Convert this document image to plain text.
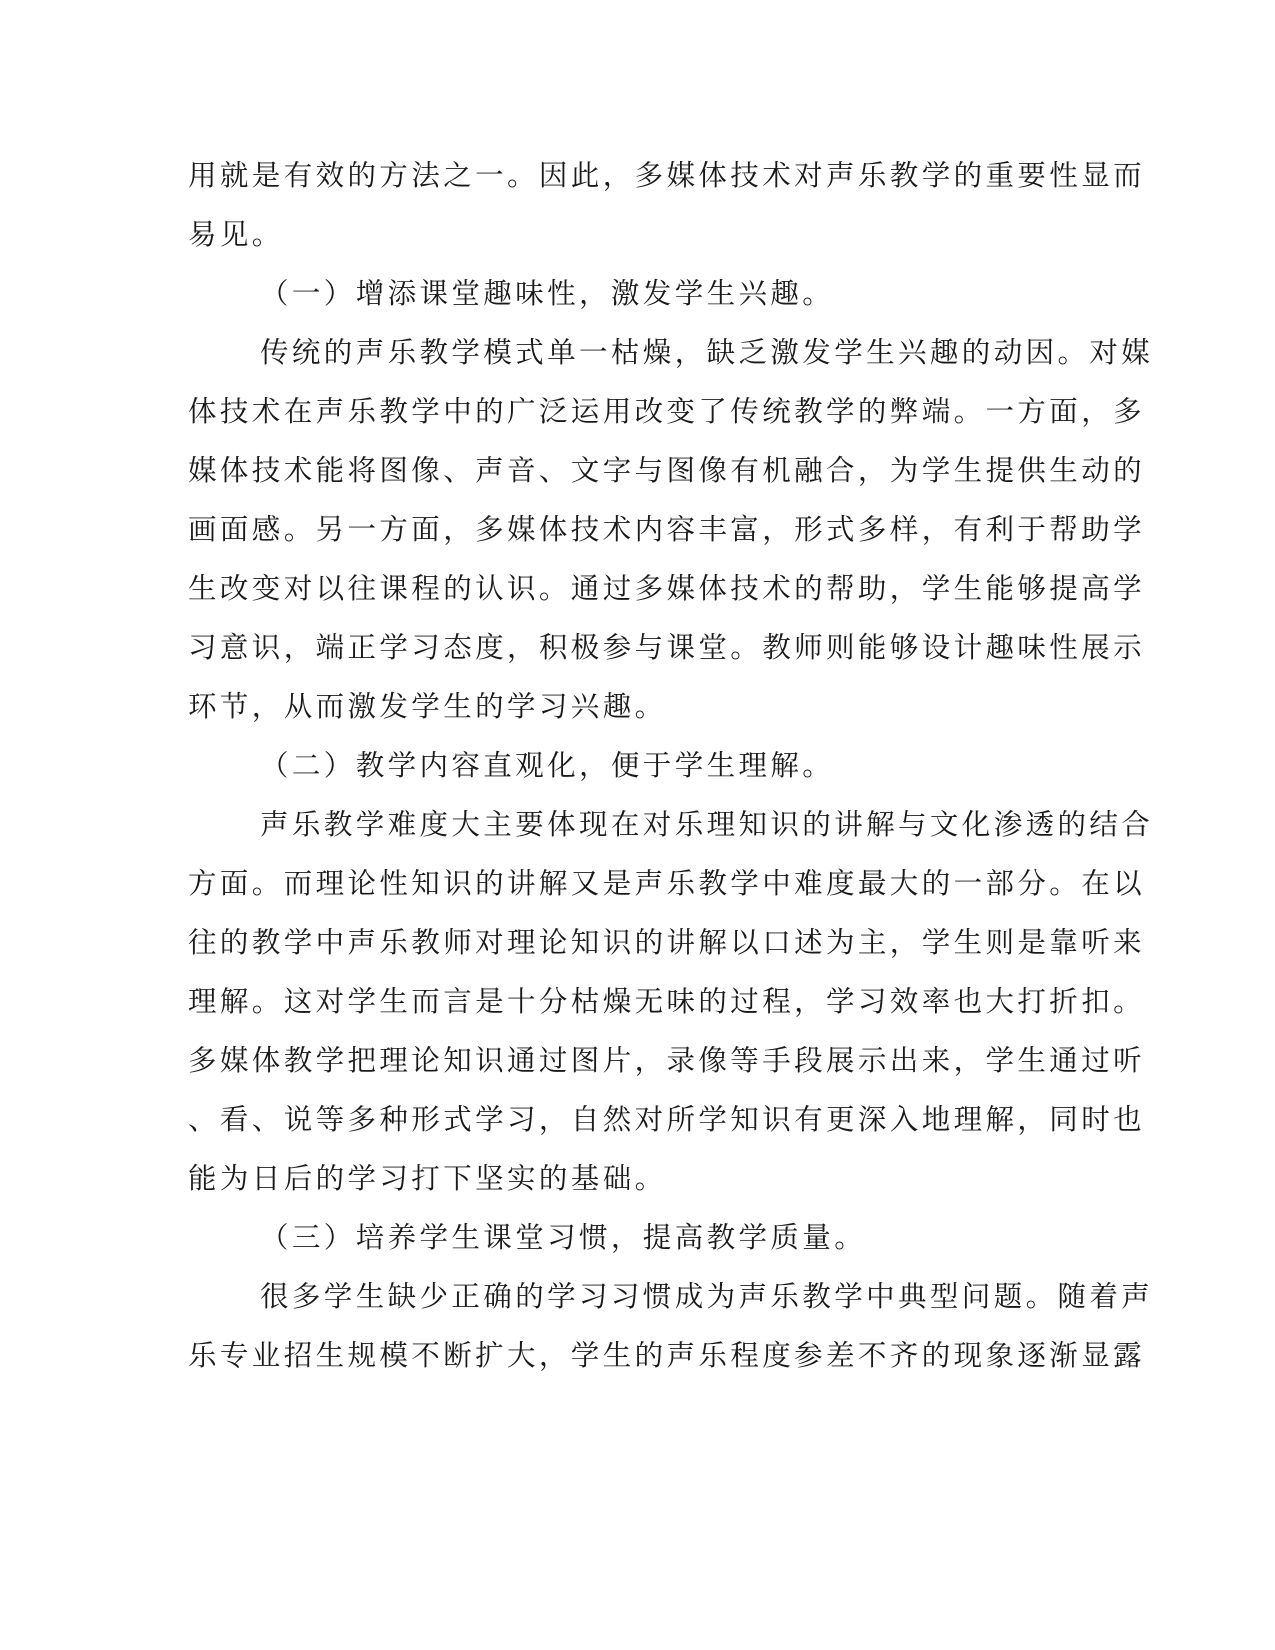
用就是有效的方法之一。因此，多媒体技术对声乐教学的重要性显而
易见。
（一）增添课堂趣味性，激发学生兴趣。
传统的声乐教学模式单一枯燥，缺乏激发学生兴趣的动因。对媒
体技术在声乐教学中的广泛运用改变了传统教学的弊端。一方面，多
媒体技术能将图像、声音、文字与图像有机融合，为学生提供生动的
画面感。另一方面，多媒体技术内容丰富，形式多样，有利于帮助学
生改变对以往课程的认识。通过多媒体技术的帮助，学生能够提高学
习意识，端正学习态度，积极参与课堂。教师则能够设计趣味性展示
环节，从而激发学生的学习兴趣。
（二）教学内容直观化，便于学生理解。
声乐教学难度大主要体现在对乐理知识的讲解与文化渗透的结合
方面。而理论性知识的讲解又是声乐教学中难度最大的一部分。在以
往的教学中声乐教师对理论知识的讲解以口述为主，学生则是靠听来
理解。这对学生而言是十分枯燥无味的过程，学习效率也大打折扣。
多媒体教学把理论知识通过图片，录像等手段展示出来，学生通过听
、看、说等多种形式学习，自然对所学知识有更深入地理解，同时也
能为日后的学习打下坚实的基础。
（三）培养学生课堂习惯，提高教学质量。
很多学生缺少正确的学习习惯成为声乐教学中典型问题。随着声
乐专业招生规模不断扩大，学生的声乐程度参差不齐的现象逐渐显露
